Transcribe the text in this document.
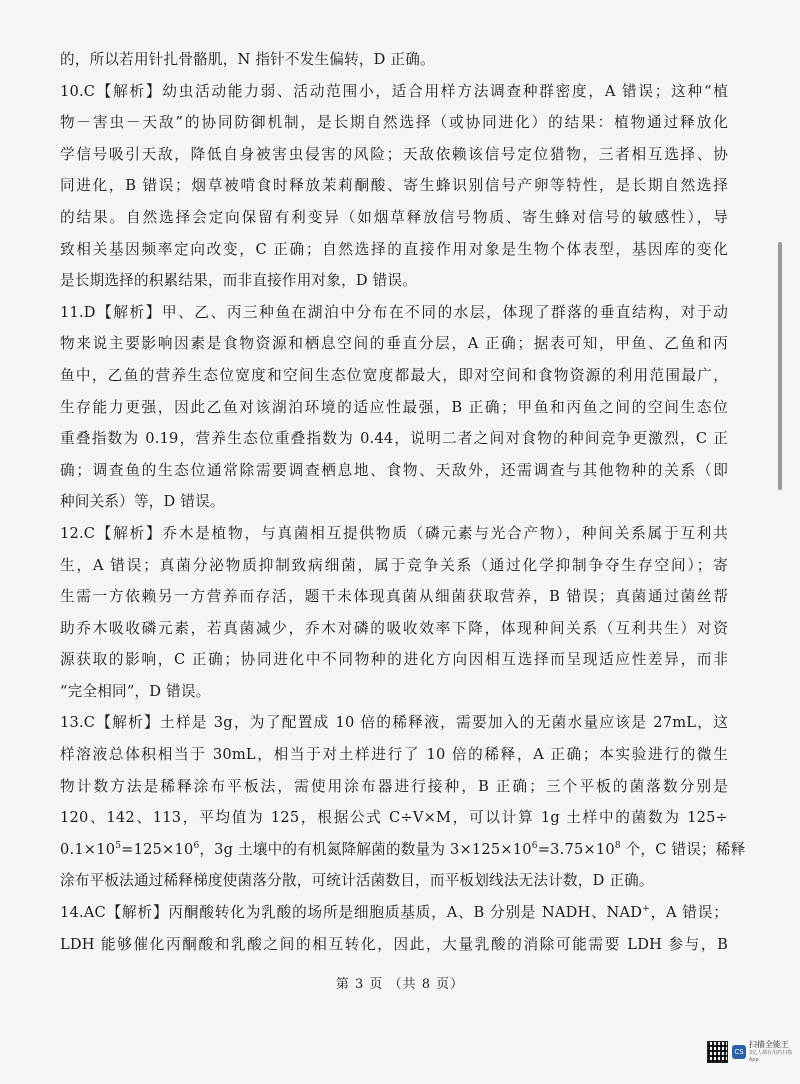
的，所以若用针扎骨骼肌，N 指针不发生偏转，D 正确。
10.C【解析】幼虫活动能力弱、活动范围小，适合用样方法调查种群密度，A 错误；这种“植
物－害虫－天敌”的协同防御机制，是长期自然选择（或协同进化）的结果：植物通过释放化
学信号吸引天敌，降低自身被害虫侵害的风险；天敌依赖该信号定位猎物，三者相互选择、协
同进化，B 错误；烟草被啃食时释放茉莉酮酸、寄生蜂识别信号产卵等特性，是长期自然选择
的结果。自然选择会定向保留有利变异（如烟草释放信号物质、寄生蜂对信号的敏感性），导
致相关基因频率定向改变，C 正确；自然选择的直接作用对象是生物个体表型，基因库的变化
是长期选择的积累结果，而非直接作用对象，D 错误。
11.D【解析】甲、乙、丙三种鱼在湖泊中分布在不同的水层，体现了群落的垂直结构，对于动
物来说主要影响因素是食物资源和栖息空间的垂直分层，A 正确；据表可知，甲鱼、乙鱼和丙
鱼中，乙鱼的营养生态位宽度和空间生态位宽度都最大，即对空间和食物资源的利用范围最广，
生存能力更强，因此乙鱼对该湖泊环境的适应性最强，B 正确；甲鱼和丙鱼之间的空间生态位
重叠指数为 0.19，营养生态位重叠指数为 0.44，说明二者之间对食物的种间竞争更激烈，C 正
确；调查鱼的生态位通常除需要调查栖息地、食物、天敌外，还需调查与其他物种的关系（即
种间关系）等，D 错误。
12.C【解析】乔木是植物，与真菌相互提供物质（磷元素与光合产物），种间关系属于互利共
生，A 错误；真菌分泌物质抑制致病细菌，属于竞争关系（通过化学抑制争夺生存空间）；寄
生需一方依赖另一方营养而存活，题干未体现真菌从细菌获取营养，B 错误；真菌通过菌丝帮
助乔木吸收磷元素，若真菌减少，乔木对磷的吸收效率下降，体现种间关系（互利共生）对资
源获取的影响，C 正确；协同进化中不同物种的进化方向因相互选择而呈现适应性差异，而非
“完全相同”，D 错误。
13.C【解析】土样是 3g，为了配置成 10 倍的稀释液，需要加入的无菌水量应该是 27mL，这
样溶液总体积相当于 30mL，相当于对土样进行了 10 倍的稀释，A 正确；本实验进行的微生
物计数方法是稀释涂布平板法，需使用涂布器进行接种，B 正确；三个平板的菌落数分别是
120、142、113，平均值为 125，根据公式 C÷V×M，可以计算 1g 土样中的菌数为 125÷
$0.1\times 10^5=125\times 10^6$，3g 土壤中的有机氮降解菌的数量为 $3\times 125\times 10^6=3.75\times 10^8$ 个，C 错误；稀释
涂布平板法通过稀释梯度使菌落分散，可统计活菌数目，而平板划线法无法计数，D 正确。
14.AC【解析】丙酮酸转化为乳酸的场所是细胞质基质，A、B 分别是 NADH、NAD+，A 错误；
LDH 能够催化丙酮酸和乳酸之间的相互转化，因此，大量乳酸的消除可能需要 LDH 参与，B
第 3 页 （共 8 页）
CS
扫描全能王
3亿人都在用的扫描App
